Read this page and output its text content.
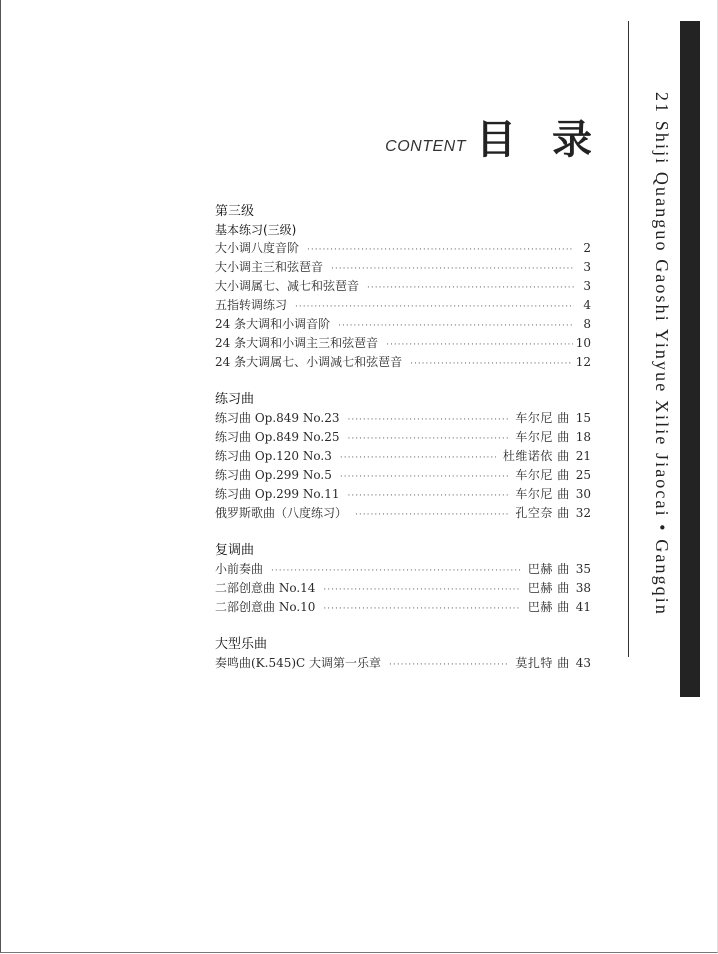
21 Shiji Quanguo Gaoshi Yinyue Xilie Jiaocai • Gangqin
CONTENT 目录
第三级
基本练习(三级)
大小调八度音阶 ·····	2
大小调主三和弦琶音 ·····	3
大小调属七、减七和弦琶音 ·····	3
五指转调练习 ·····	4
24 条大调和小调音阶 ·····	8
24 条大调和小调主三和弦琶音 ·····	10
24 条大调属七、小调减七和弦琶音 ·····	12
练习曲
练习曲 Op.849 No.23 ·····	车尔尼 曲 15
练习曲 Op.849 No.25 ·····	车尔尼 曲 18
练习曲 Op.120 No.3 ·····	杜维诺依 曲 21
练习曲 Op.299 No.5 ·····	车尔尼 曲 25
练习曲 Op.299 No.11 ·····	车尔尼 曲 30
俄罗斯歌曲（八度练习） ·····	孔空奈 曲 32
复调曲
小前奏曲 ·····	巴赫 曲 35
二部创意曲 No.14 ·····	巴赫 曲 38
二部创意曲 No.10 ·····	巴赫 曲 41
大型乐曲
奏鸣曲(K.545)C 大调第一乐章 ·····	莫扎特 曲 43
